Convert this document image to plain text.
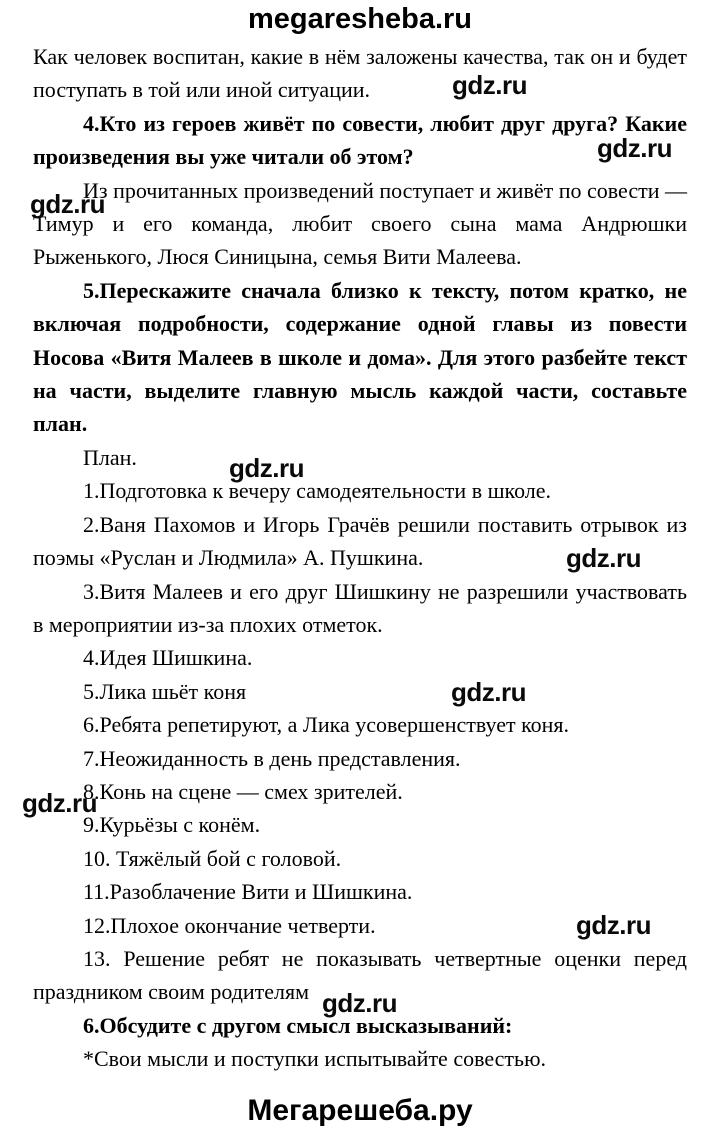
megaresheba.ru

Как человек воспитан, какие в нём заложены качества, так он и будет поступать в той или иной ситуации.

4.Кто из героев живёт по совести, любит друг друга? Какие произведения вы уже читали об этом?

Из прочитанных произведений поступает и живёт по совести — Тимур и его команда, любит своего сына мама Андрюшки Рыженького, Люся Синицына, семья Вити Малеева.

5.Перескажите сначала близко к тексту, потом кратко, не включая подробности, содержание одной главы из повести Носова «Витя Малеев в школе и дома». Для этого разбейте текст на части, выделите главную мысль каждой части, составьте план.

План.

1.Подготовка к вечеру самодеятельности в школе.

2.Ваня Пахомов и Игорь Грачёв решили поставить отрывок из поэмы «Руслан и Людмила» А. Пушкина.

3.Витя Малеев и его друг Шишкину не разрешили участвовать в мероприятии из-за плохих отметок.

4.Идея Шишкина.

5.Лика шьёт коня

6.Ребята репетируют, а Лика усовершенствует коня.

7.Неожиданность в день представления.

8.Конь на сцене — смех зрителей.

9.Курьёзы с конём.

10. Тяжёлый бой с головой.

11.Разоблачение Вити и Шишкина.

12.Плохое окончание четверти.

13. Решение ребят не показывать четвертные оценки перед праздником своим родителям

6.Обсудите с другом смысл высказываний:

*Свои мысли и поступки испытывайте совестью.

gdz.ru
gdz.ru
gdz.ru
gdz.ru
gdz.ru
gdz.ru
gdz.ru
gdz.ru
gdz.ru
Мегарешеба.ру
